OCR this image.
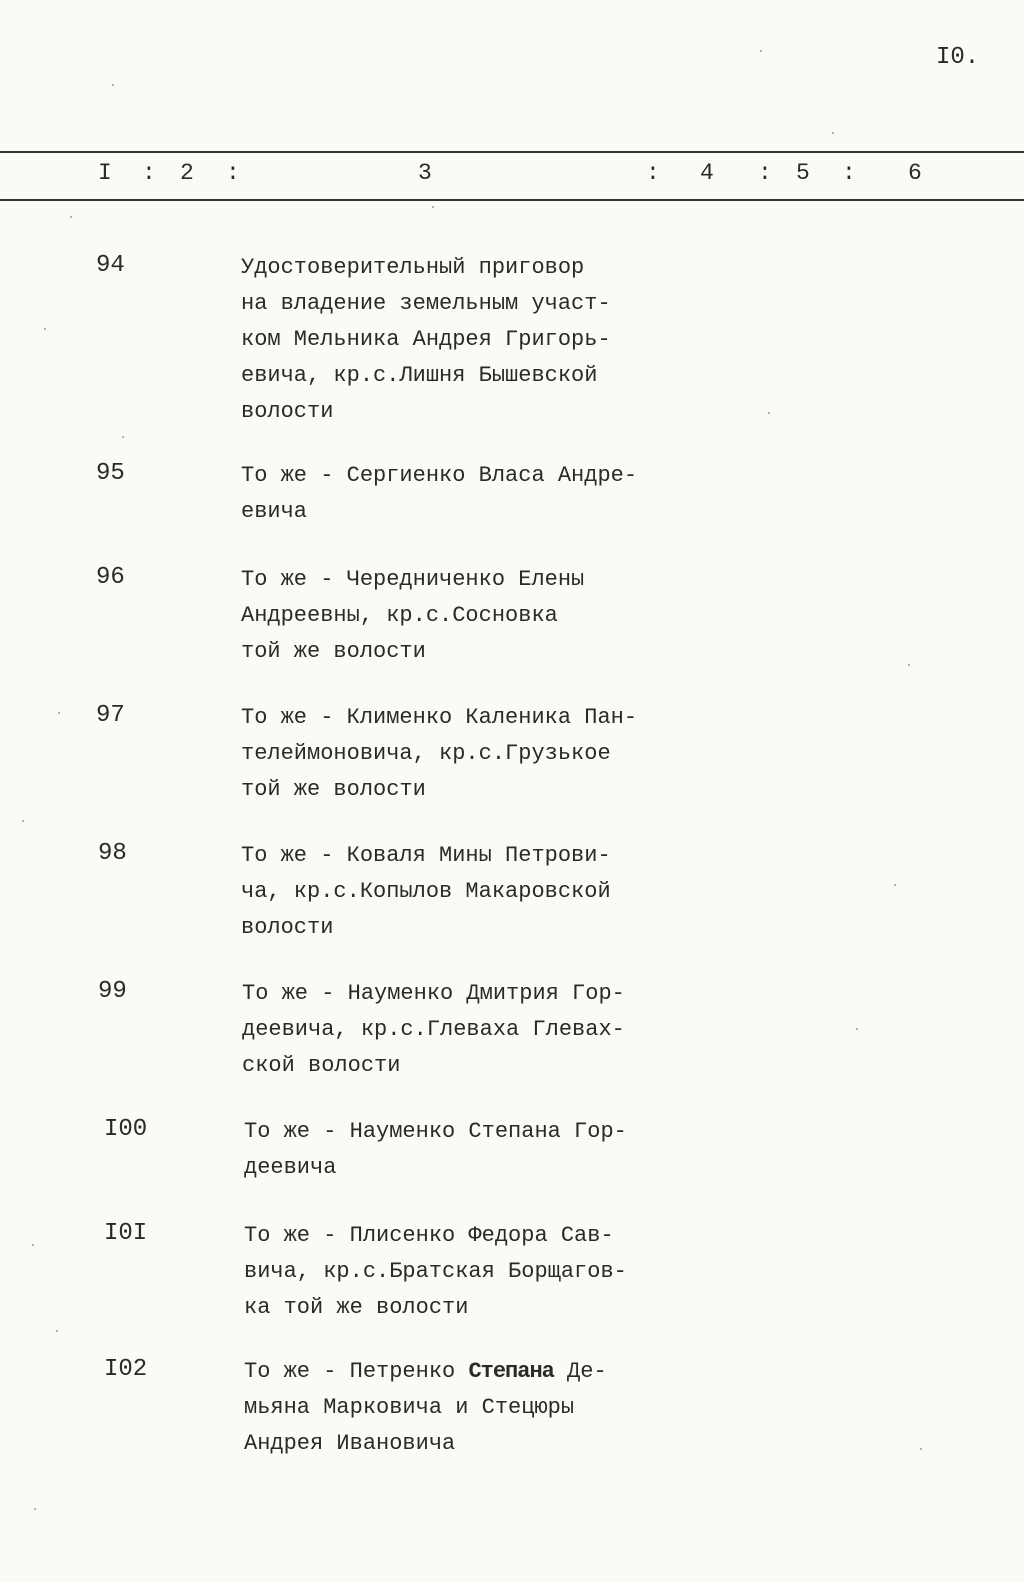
I0.
I : 2 :	3	: 4 : 5 : 6
94	Удостоверительный приговор
на владение земельным участ-
ком Мельника Андрея Григорь-
евича, кр.с.Лишня Бышевской
волости
95	То же - Сергиенко Власа Андре-
евича
96	То же - Чередниченко Елены
Андреевны, кр.с.Сосновка
той же волости
97	То же - Клименко Каленика Пан-
телеймоновича, кр.с.Грузькое
той же волости
98	То же - Коваля Мины Петрови-
ча, кр.с.Копылов Макаровской
волости
99	То же - Науменко Дмитрия Гор-
деевича, кр.с.Глеваха Глевах-
ской волости
I00	То же - Науменко Степана Гор-
деевича
I0I	То же - Плисенко Федора Сав-
вича, кр.с.Братская Борщагов-
ка той же волости
I02	То же - Петренко Степана Де-
мьяна Марковича и Стецюры
Андрея Ивановича
